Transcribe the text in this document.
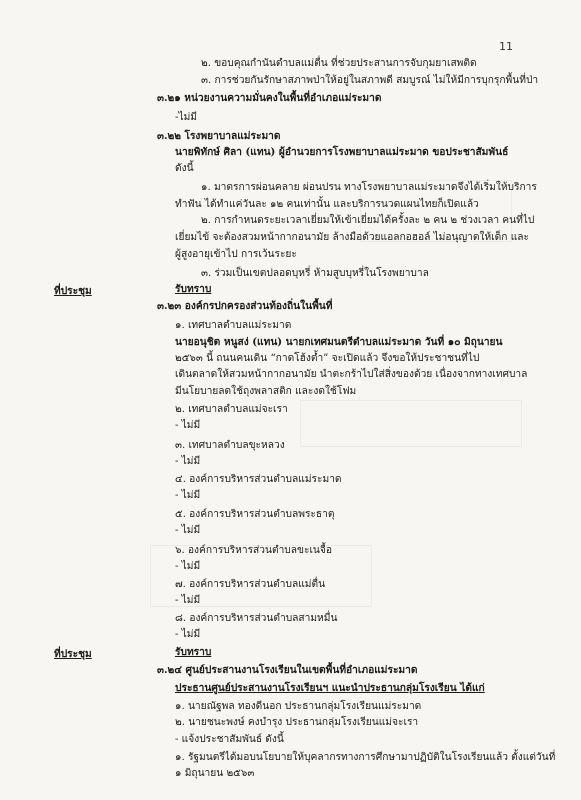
11
๒. ขอบคุณกำนันตำบลแม่ตื่น ที่ช่วยประสานการจับกุมยาเสพติด
๓. การช่วยกันรักษาสภาพป่าให้อยู่ในสภาพดี สมบูรณ์ ไม่ให้มีการบุกรุกพื้นที่ป่า
๓.๒๑ หน่วยงานความมั่นคงในพื้นที่อำเภอแม่ระมาด
-ไม่มี
๓.๒๒ โรงพยาบาลแม่ระมาด
นายพิทักษ์ ศิลา (แทน) ผู้อำนวยการโรงพยาบาลแม่ระมาด ขอประชาสัมพันธ์
ดังนี้
๑. มาตรการผ่อนคลาย ผ่อนปรน ทางโรงพยาบาลแม่ระมาดจึงได้เริ่มให้บริการ
ทำฟัน ได้ทำแค่วันละ ๑๒ คนเท่านั้น และบริการนวดแผนไทยก็เปิดแล้ว
๒. การกำหนดระยะเวลาเยี่ยมให้เข้าเยี่ยมได้ครั้งละ ๒ คน ๒ ช่วงเวลา คนที่ไป
เยี่ยมไข้ จะต้องสวมหน้ากากอนามัย ล้างมือด้วยแอลกอฮอล์ ไม่อนุญาตให้เด็ก และ
ผู้สูงอายุเข้าไป การเว้นระยะ
๓. ร่วมเป็นเขตปลอดบุหรี่ ห้ามสูบบุหรี่ในโรงพยาบาล
ที่ประชุม	รับทราบ
๓.๒๓ องค์กรปกครองส่วนท้องถิ่นในพื้นที่
๑. เทศบาลตำบลแม่ระมาด
นายอนุชิต หนูสง่ (แทน) นายกเทศมนตรีตำบลแม่ระมาด วันที่ ๑๐ มิถุนายน
๒๕๖๓ นี้ ถนนคนเดิน “กาดโฮ้งต้ำ” จะเปิดแล้ว จึงขอให้ประชาชนที่ไป
เดินตลาดให้สวมหน้ากากอนามัย นำตะกร้าไปใส่สิ่งของด้วย เนื่องจากทางเทศบาล
มีนโยบายลดใช้ถุงพลาสติก และงดใช้โฟม
๒. เทศบาลตำบลแม่จะเรา
- ไม่มี
๓. เทศบาลตำบลขุะหลวง
- ไม่มี
๔. องค์การบริหารส่วนตำบลแม่ระมาด
- ไม่มี
๕. องค์การบริหารส่วนตำบลพระธาตุ
- ไม่มี
๖. องค์การบริหารส่วนตำบลขะเนจื้อ
- ไม่มี
๗. องค์การบริหารส่วนตำบลแม่ตื่น
- ไม่มี
๘. องค์การบริหารส่วนตำบลสามหมื่น
- ไม่มี
ที่ประชุม	รับทราบ
๓.๒๔ ศูนย์ประสานงานโรงเรียนในเขตพื้นที่อำเภอแม่ระมาด
ประธานศูนย์ประสานงานโรงเรียนฯ แนะนำประธานกลุ่มโรงเรียน ได้แก่
๑. นายณัฐพล ทองดีนอก ประธานกลุ่มโรงเรียนแม่ระมาด
๒. นายชนะพงษ์ คงบำรุง ประธานกลุ่มโรงเรียนแม่จะเรา
- แจ้งประชาสัมพันธ์ ดังนี้
๑. รัฐมนตรีได้มอบนโยบายให้บุคลากรทางการศึกษามาปฏิบัติในโรงเรียนแล้ว ตั้งแต่วันที่
๑ มิถุนายน ๒๕๖๓
